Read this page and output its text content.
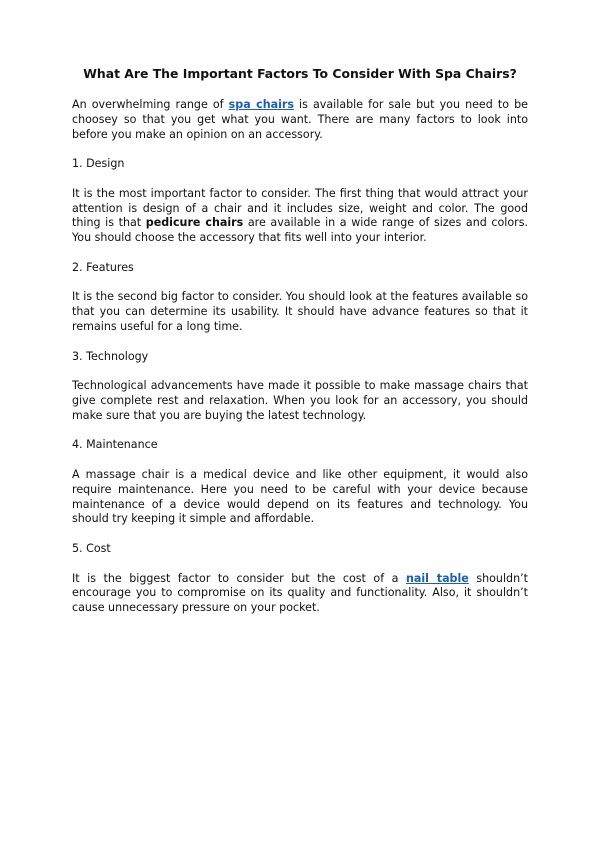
What Are The Important Factors To Consider With Spa Chairs?

An overwhelming range of spa chairs is available for sale but you need to be choosey so that you get what you want. There are many factors to look into before you make an opinion on an accessory.

1. Design

It is the most important factor to consider. The first thing that would attract your attention is design of a chair and it includes size, weight and color. The good thing is that pedicure chairs are available in a wide range of sizes and colors. You should choose the accessory that fits well into your interior.

2. Features

It is the second big factor to consider. You should look at the features available so that you can determine its usability. It should have advance features so that it remains useful for a long time.

3. Technology

Technological advancements have made it possible to make massage chairs that give complete rest and relaxation. When you look for an accessory, you should make sure that you are buying the latest technology.

4. Maintenance

A massage chair is a medical device and like other equipment, it would also require maintenance. Here you need to be careful with your device because maintenance of a device would depend on its features and technology. You should try keeping it simple and affordable.

5. Cost

It is the biggest factor to consider but the cost of a nail table shouldn’t encourage you to compromise on its quality and functionality. Also, it shouldn’t cause unnecessary pressure on your pocket.
